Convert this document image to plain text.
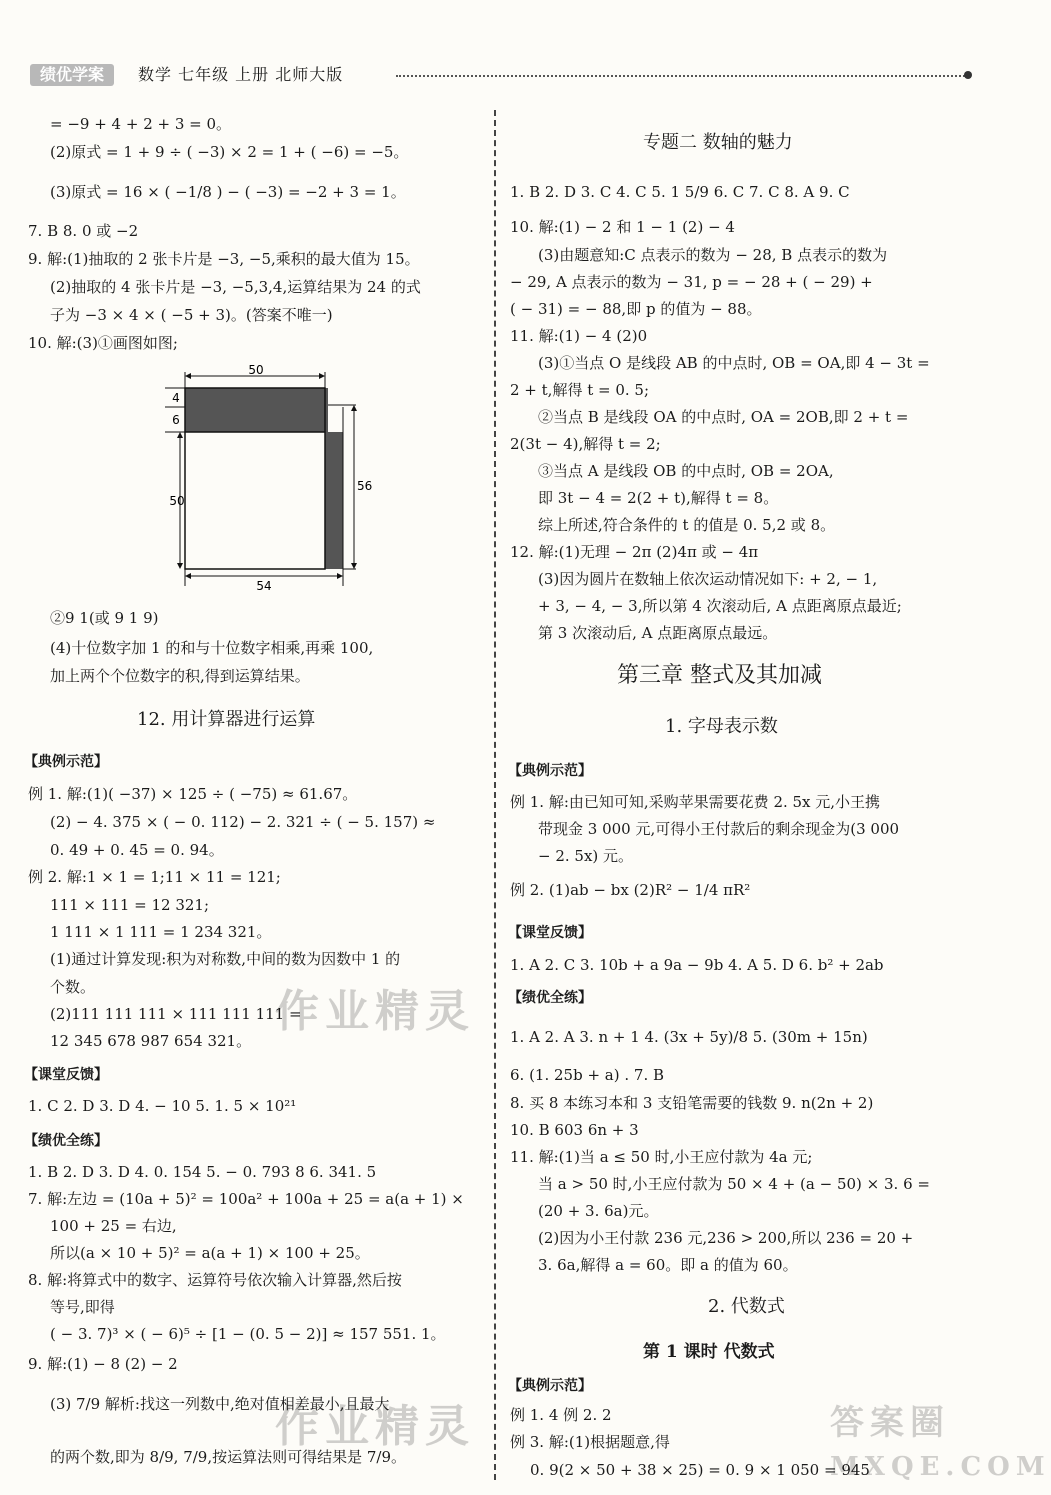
绩优学案	数学 七年级 上册 北师大版
= −9 + 4 + 2 + 3 = 0。
(2)原式 = 1 + 9 ÷ ( −3) × 2 = 1 + ( −6) = −5。
(3)原式 = 16 × ( −1/8 ) − ( −3) = −2 + 3 = 1。
7. B 8. 0 或 −2
9. 解:(1)抽取的 2 张卡片是 −3, −5,乘积的最大值为 15。
(2)抽取的 4 张卡片是 −3, −5,3,4,运算结果为 24 的式
子为 −3 × 4 × ( −5 + 3)。(答案不唯一)
10. 解:(3)①画图如图;
50
4
6
50
56
54
②9 1(或 9 1 9)
(4)十位数字加 1 的和与十位数字相乘,再乘 100,
加上两个个位数字的积,得到运算结果。
12. 用计算器进行运算
【典例示范】
例 1. 解:(1)( −37) × 125 ÷ ( −75) ≈ 61.67。
(2) − 4. 375 × ( − 0. 112) − 2. 321 ÷ ( − 5. 157) ≈
0. 49 + 0. 45 = 0. 94。
例 2. 解:1 × 1 = 1;11 × 11 = 121;
111 × 111 = 12 321;
1 111 × 1 111 = 1 234 321。
(1)通过计算发现:积为对称数,中间的数为因数中 1 的
个数。
(2)111 111 111 × 111 111 111 =
12 345 678 987 654 321。
【课堂反馈】
1. C 2. D 3. D 4. − 10 5. 1. 5 × 10²¹
【绩优全练】
1. B 2. D 3. D 4. 0. 154 5. − 0. 793 8 6. 341. 5
7. 解:左边 = (10a + 5)² = 100a² + 100a + 25 = a(a + 1) ×
100 + 25 = 右边,
所以(a × 10 + 5)² = a(a + 1) × 100 + 25。
8. 解:将算式中的数字、运算符号依次输入计算器,然后按
等号,即得
( − 3. 7)³ × ( − 6)⁵ ÷ [1 − (0. 5 − 2)] ≈ 157 551. 1。
9. 解:(1) − 8 (2) − 2
(3) 7/9 解析:找这一列数中,绝对值相差最小,且最大
的两个数,即为 8/9, 7/9,按运算法则可得结果是 7/9。
专题二 数轴的魅力
1. B 2. D 3. C 4. C 5. 1 5/9 6. C 7. C 8. A 9. C
10. 解:(1) − 2 和 1 − 1 (2) − 4
(3)由题意知:C 点表示的数为 − 28, B 点表示的数为
− 29, A 点表示的数为 − 31, p = − 28 + ( − 29) +
( − 31) = − 88,即 p 的值为 − 88。
11. 解:(1) − 4 (2)0
(3)①当点 O 是线段 AB 的中点时, OB = OA,即 4 − 3t =
2 + t,解得 t = 0. 5;
②当点 B 是线段 OA 的中点时, OA = 2OB,即 2 + t =
2(3t − 4),解得 t = 2;
③当点 A 是线段 OB 的中点时, OB = 2OA,
即 3t − 4 = 2(2 + t),解得 t = 8。
综上所述,符合条件的 t 的值是 0. 5,2 或 8。
12. 解:(1)无理 − 2π (2)4π 或 − 4π
(3)因为圆片在数轴上依次运动情况如下: + 2, − 1,
+ 3, − 4, − 3,所以第 4 次滚动后, A 点距离原点最近;
第 3 次滚动后, A 点距离原点最远。
第三章 整式及其加减
1. 字母表示数
【典例示范】
例 1. 解:由已知可知,采购苹果需要花费 2. 5x 元,小王携
带现金 3 000 元,可得小王付款后的剩余现金为(3 000
− 2. 5x) 元。
例 2. (1)ab − bx (2)R² − 1/4 πR²
【课堂反馈】
1. A 2. C 3. 10b + a 9a − 9b 4. A 5. D 6. b² + 2ab
【绩优全练】
1. A 2. A 3. n + 1 4. (3x + 5y)/8 5. (30m + 15n)
6. (1. 25b + a) . 7. B
8. 买 8 本练习本和 3 支铅笔需要的钱数 9. n(2n + 2)
10. B 603 6n + 3
11. 解:(1)当 a ≤ 50 时,小王应付款为 4a 元;
当 a > 50 时,小王应付款为 50 × 4 + (a − 50) × 3. 6 =
(20 + 3. 6a)元。
(2)因为小王付款 236 元,236 > 200,所以 236 = 20 +
3. 6a,解得 a = 60。即 a 的值为 60。
2. 代数式
第 1 课时 代数式
【典例示范】
例 1. 4 例 2. 2
例 3. 解:(1)根据题意,得
0. 9(2 × 50 + 38 × 25) = 0. 9 × 1 050 = 945
作业精灵
作业精灵	答案圈
MXQE.COM
